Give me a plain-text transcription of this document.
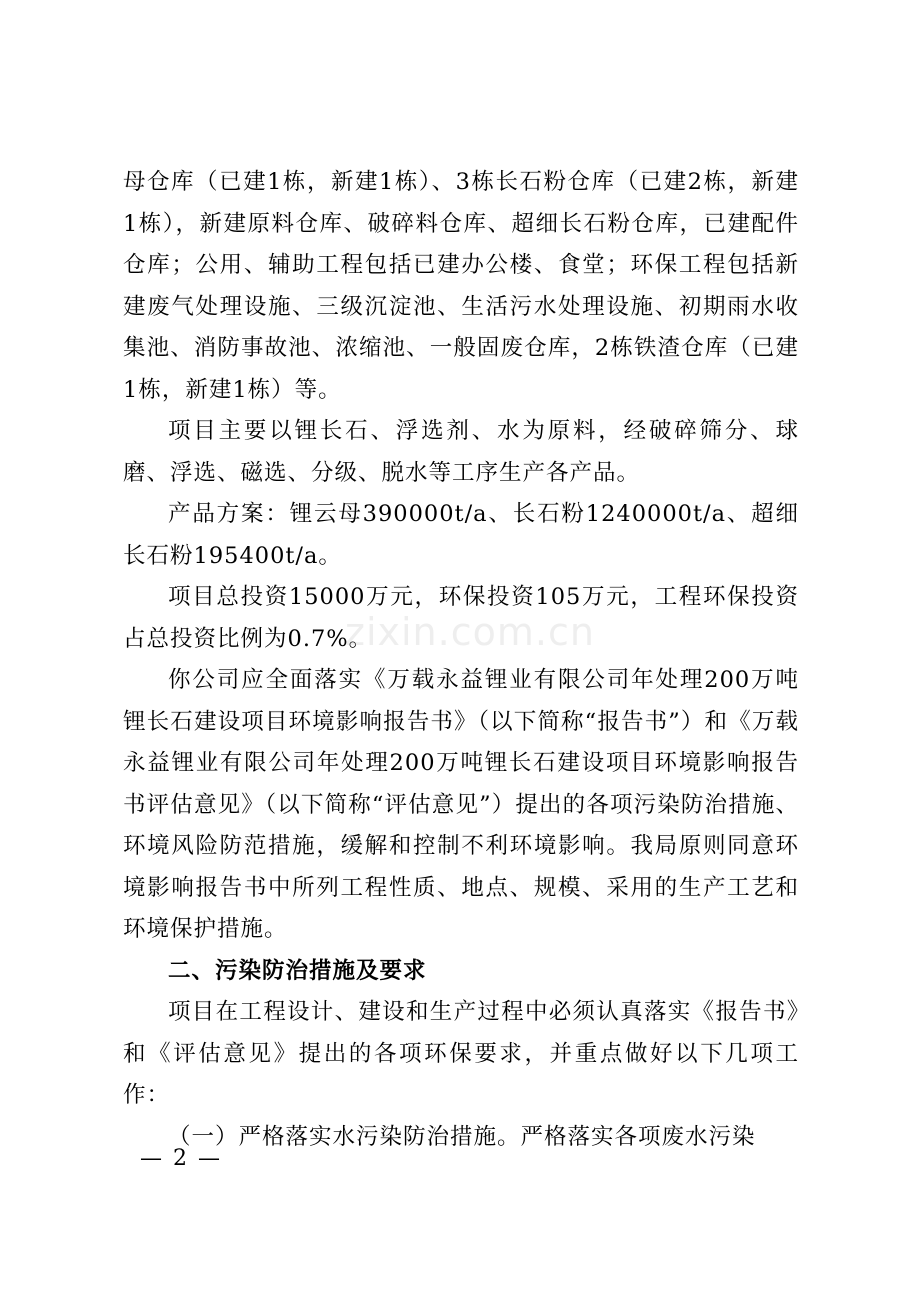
母仓库（已建1栋，新建1栋）、3栋长石粉仓库（已建2栋，新建1栋），新建原料仓库、破碎料仓库、超细长石粉仓库，已建配件仓库；公用、辅助工程包括已建办公楼、食堂；环保工程包括新建废气处理设施、三级沉淀池、生活污水处理设施、初期雨水收集池、消防事故池、浓缩池、一般固废仓库，2栋铁渣仓库（已建1栋，新建1栋）等。

项目主要以锂长石、浮选剂、水为原料，经破碎筛分、球磨、浮选、磁选、分级、脱水等工序生产各产品。

产品方案：锂云母390000t/a、长石粉1240000t/a、超细长石粉195400t/a。

项目总投资15000万元，环保投资105万元，工程环保投资占总投资比例为0.7%。

你公司应全面落实《万载永益锂业有限公司年处理200万吨锂长石建设项目环境影响报告书》（以下简称“报告书”）和《万载永益锂业有限公司年处理200万吨锂长石建设项目环境影响报告书评估意见》（以下简称“评估意见”）提出的各项污染防治措施、环境风险防范措施，缓解和控制不利环境影响。我局原则同意环境影响报告书中所列工程性质、地点、规模、采用的生产工艺和环境保护措施。

二、污染防治措施及要求

项目在工程设计、建设和生产过程中必须认真落实《报告书》和《评估意见》提出的各项环保要求，并重点做好以下几项工作：

（一）严格落实水污染防治措施。严格落实各项废水污染

zixin.com.cn
— 2 —
